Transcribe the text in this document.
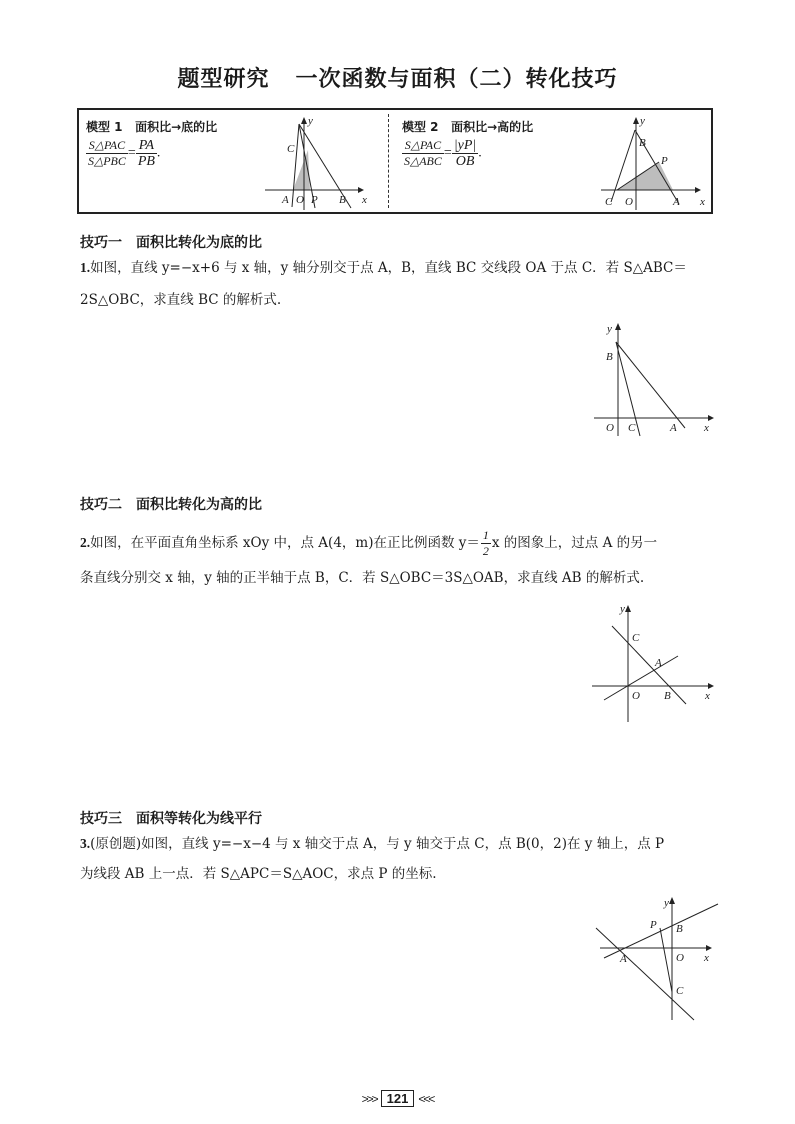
题型研究 一次函数与面积（二）转化技巧
模型 1 面积比→底的比
$\frac{\text{S△PAC}}{\text{S△PBC}} = \frac{PA}{PB}$ .
y
C
A O P B x
模型 2 面积比→高的比
$\frac{\text{S△PAC}}{\text{S△ABC}} = \frac{|yP|}{OB}$ .
y
B
P
C O	A x
技巧一 面积比转化为底的比
1.如图，直线 y=−x+6 与 x 轴，y 轴分别交于点 A，B，直线 BC 交线段 OA 于点 C．若 S△ABC＝
2S△OBC，求直线 BC 的解析式.
y
B
O C	A x
技巧二 面积比转化为高的比
2.如图，在平面直角坐标系 xOy 中，点 A(4，m)在正比例函数 $y= \frac{1}{2}$ x 的图象上，过点 A 的另一
条直线分别交 x 轴，y 轴的正半轴于点 B，C．若 S△OBC＝3S△OAB，求直线 AB 的解析式.
y
C
A
O B	x
技巧三 面积等转化为线平行
3.(原创题)如图，直线 y=−x−4 与 x 轴交于点 A，与 y 轴交于点 C，点 B(0，2)在 y 轴上，点 P
为线段 AB 上一点．若 S△APC＝S△AOC，求点 P 的坐标.
y
P B
A	O x
C
>>> 121 <<<
